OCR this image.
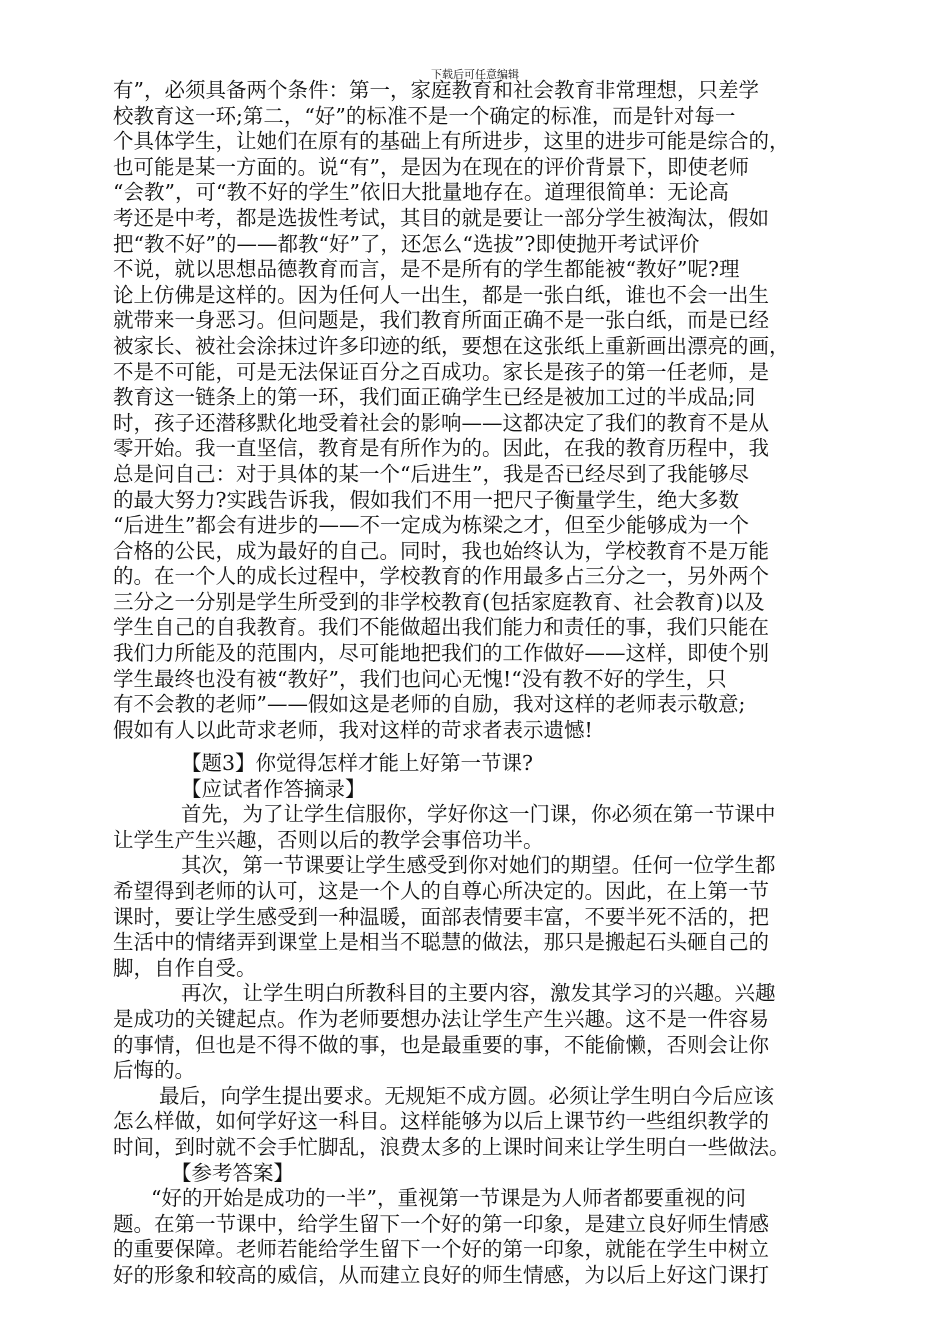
下载后可任意编辑
有”，必须具备两个条件：第一，家庭教育和社会教育非常理想，只差学
校教育这一环;第二，“好”的标准不是一个确定的标准，而是针对每一
个具体学生，让她们在原有的基础上有所进步，这里的进步可能是综合的，
也可能是某一方面的。说“有”，是因为在现在的评价背景下，即使老师
“会教”，可“教不好的学生”依旧大批量地存在。道理很简单：无论高
考还是中考，都是选拔性考试，其目的就是要让一部分学生被淘汰，假如
把“教不好”的——都教“好”了，还怎么“选拔”?即使抛开考试评价
不说，就以思想品德教育而言，是不是所有的学生都能被“教好”呢?理
论上仿佛是这样的。因为任何人一出生，都是一张白纸，谁也不会一出生
就带来一身恶习。但问题是，我们教育所面正确不是一张白纸，而是已经
被家长、被社会涂抹过许多印迹的纸，要想在这张纸上重新画出漂亮的画，
不是不可能，可是无法保证百分之百成功。家长是孩子的第一任老师，是
教育这一链条上的第一环，我们面正确学生已经是被加工过的半成品;同
时，孩子还潜移默化地受着社会的影响——这都决定了我们的教育不是从
零开始。我一直坚信，教育是有所作为的。因此，在我的教育历程中，我
总是问自己：对于具体的某一个“后进生”，我是否已经尽到了我能够尽
的最大努力?实践告诉我，假如我们不用一把尺子衡量学生，绝大多数
“后进生”都会有进步的——不一定成为栋梁之才，但至少能够成为一个
合格的公民，成为最好的自己。同时，我也始终认为，学校教育不是万能
的。在一个人的成长过程中，学校教育的作用最多占三分之一，另外两个
三分之一分别是学生所受到的非学校教育(包括家庭教育、社会教育)以及
学生自己的自我教育。我们不能做超出我们能力和责任的事，我们只能在
我们力所能及的范围内，尽可能地把我们的工作做好——这样，即使个别
学生最终也没有被“教好”，我们也问心无愧!“没有教不好的学生，只
有不会教的老师”——假如这是老师的自励，我对这样的老师表示敬意;
假如有人以此苛求老师，我对这样的苛求者表示遗憾!
【题3】你觉得怎样才能上好第一节课?
【应试者作答摘录】
首先，为了让学生信服你，学好你这一门课，你必须在第一节课中
让学生产生兴趣，否则以后的教学会事倍功半。
其次，第一节课要让学生感受到你对她们的期望。任何一位学生都
希望得到老师的认可，这是一个人的自尊心所决定的。因此，在上第一节
课时，要让学生感受到一种温暖，面部表情要丰富，不要半死不活的，把
生活中的情绪弄到课堂上是相当不聪慧的做法，那只是搬起石头砸自己的
脚，自作自受。
再次，让学生明白所教科目的主要内容，激发其学习的兴趣。兴趣
是成功的关键起点。作为老师要想办法让学生产生兴趣。这不是一件容易
的事情，但也是不得不做的事，也是最重要的事，不能偷懒，否则会让你
后悔的。
最后，向学生提出要求。无规矩不成方圆。必须让学生明白今后应该
怎么样做，如何学好这一科目。这样能够为以后上课节约一些组织教学的
时间，到时就不会手忙脚乱，浪费太多的上课时间来让学生明白一些做法。
【参考答案】
“好的开始是成功的一半”，重视第一节课是为人师者都要重视的问
题。在第一节课中，给学生留下一个好的第一印象，是建立良好师生情感
的重要保障。老师若能给学生留下一个好的第一印象，就能在学生中树立
好的形象和较高的威信，从而建立良好的师生情感，为以后上好这门课打
